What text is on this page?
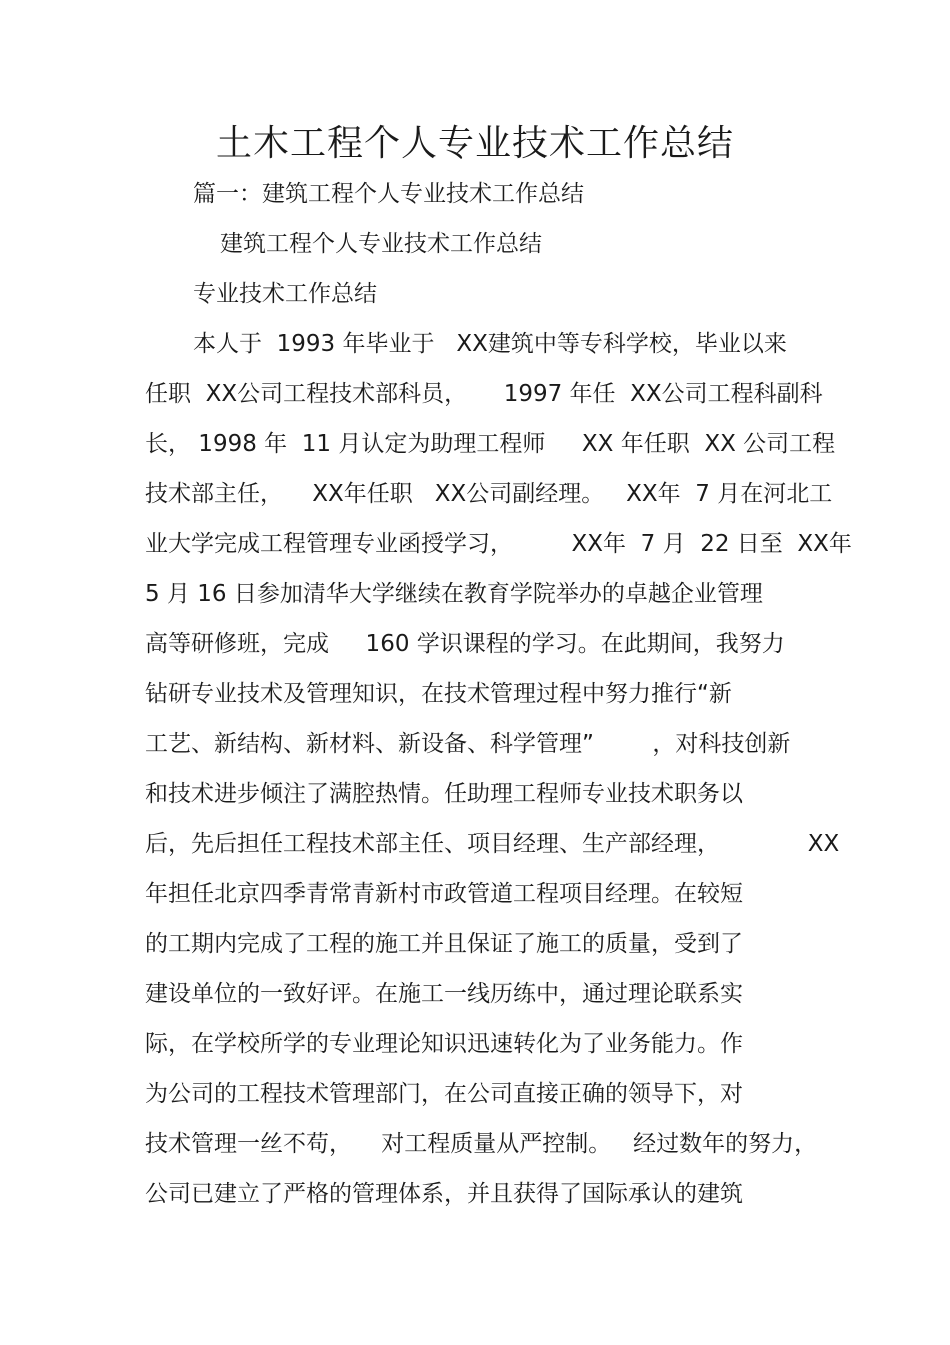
土木工程个人专业技术工作总结

篇一：建筑工程个人专业技术工作总结

建筑工程个人专业技术工作总结

专业技术工作总结

本人于  1993 年毕业于   XX建筑中等专科学校，毕业以来

任职  XX公司工程技术部科员，     1997 年任  XX公司工程科副科

长， 1998 年  11 月认定为助理工程师     XX 年任职  XX 公司工程

技术部主任，    XX年任职   XX公司副经理。   XX年  7 月在河北工

业大学完成工程管理专业函授学习，        XX年  7 月  22 日至  XX年

5 月 16 日参加清华大学继续在教育学院举办的卓越企业管理

高等研修班，完成     160 学识课程的学习。在此期间，我努力

钻研专业技术及管理知识，在技术管理过程中努力推行“新

工艺、新结构、新材料、新设备、科学管理”        ，对科技创新

和技术进步倾注了满腔热情。任助理工程师专业技术职务以

后，先后担任工程技术部主任、项目经理、生产部经理，            XX

年担任北京四季青常青新村市政管道工程项目经理。在较短

的工期内完成了工程的施工并且保证了施工的质量，受到了

建设单位的一致好评。在施工一线历练中，通过理论联系实

际，在学校所学的专业理论知识迅速转化为了业务能力。作

为公司的工程技术管理部门，在公司直接正确的领导下，对

技术管理一丝不苟，    对工程质量从严控制。   经过数年的努力，

公司已建立了严格的管理体系，并且获得了国际承认的建筑
